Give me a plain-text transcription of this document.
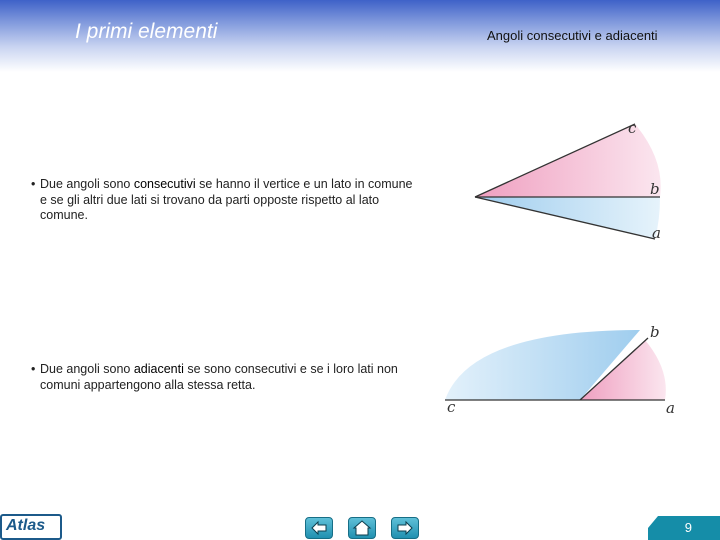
I primi elementi	Angoli consecutivi e adiacenti
• Due angoli sono consecutivi se hanno il vertice e un lato in comune e se gli altri due lati si trovano da parti opposte rispetto al lato comune.
• Due angoli sono adiacenti se sono consecutivi e se i loro lati non comuni appartengono alla stessa retta.
c
b
a
b
c	a
Atlas	9
